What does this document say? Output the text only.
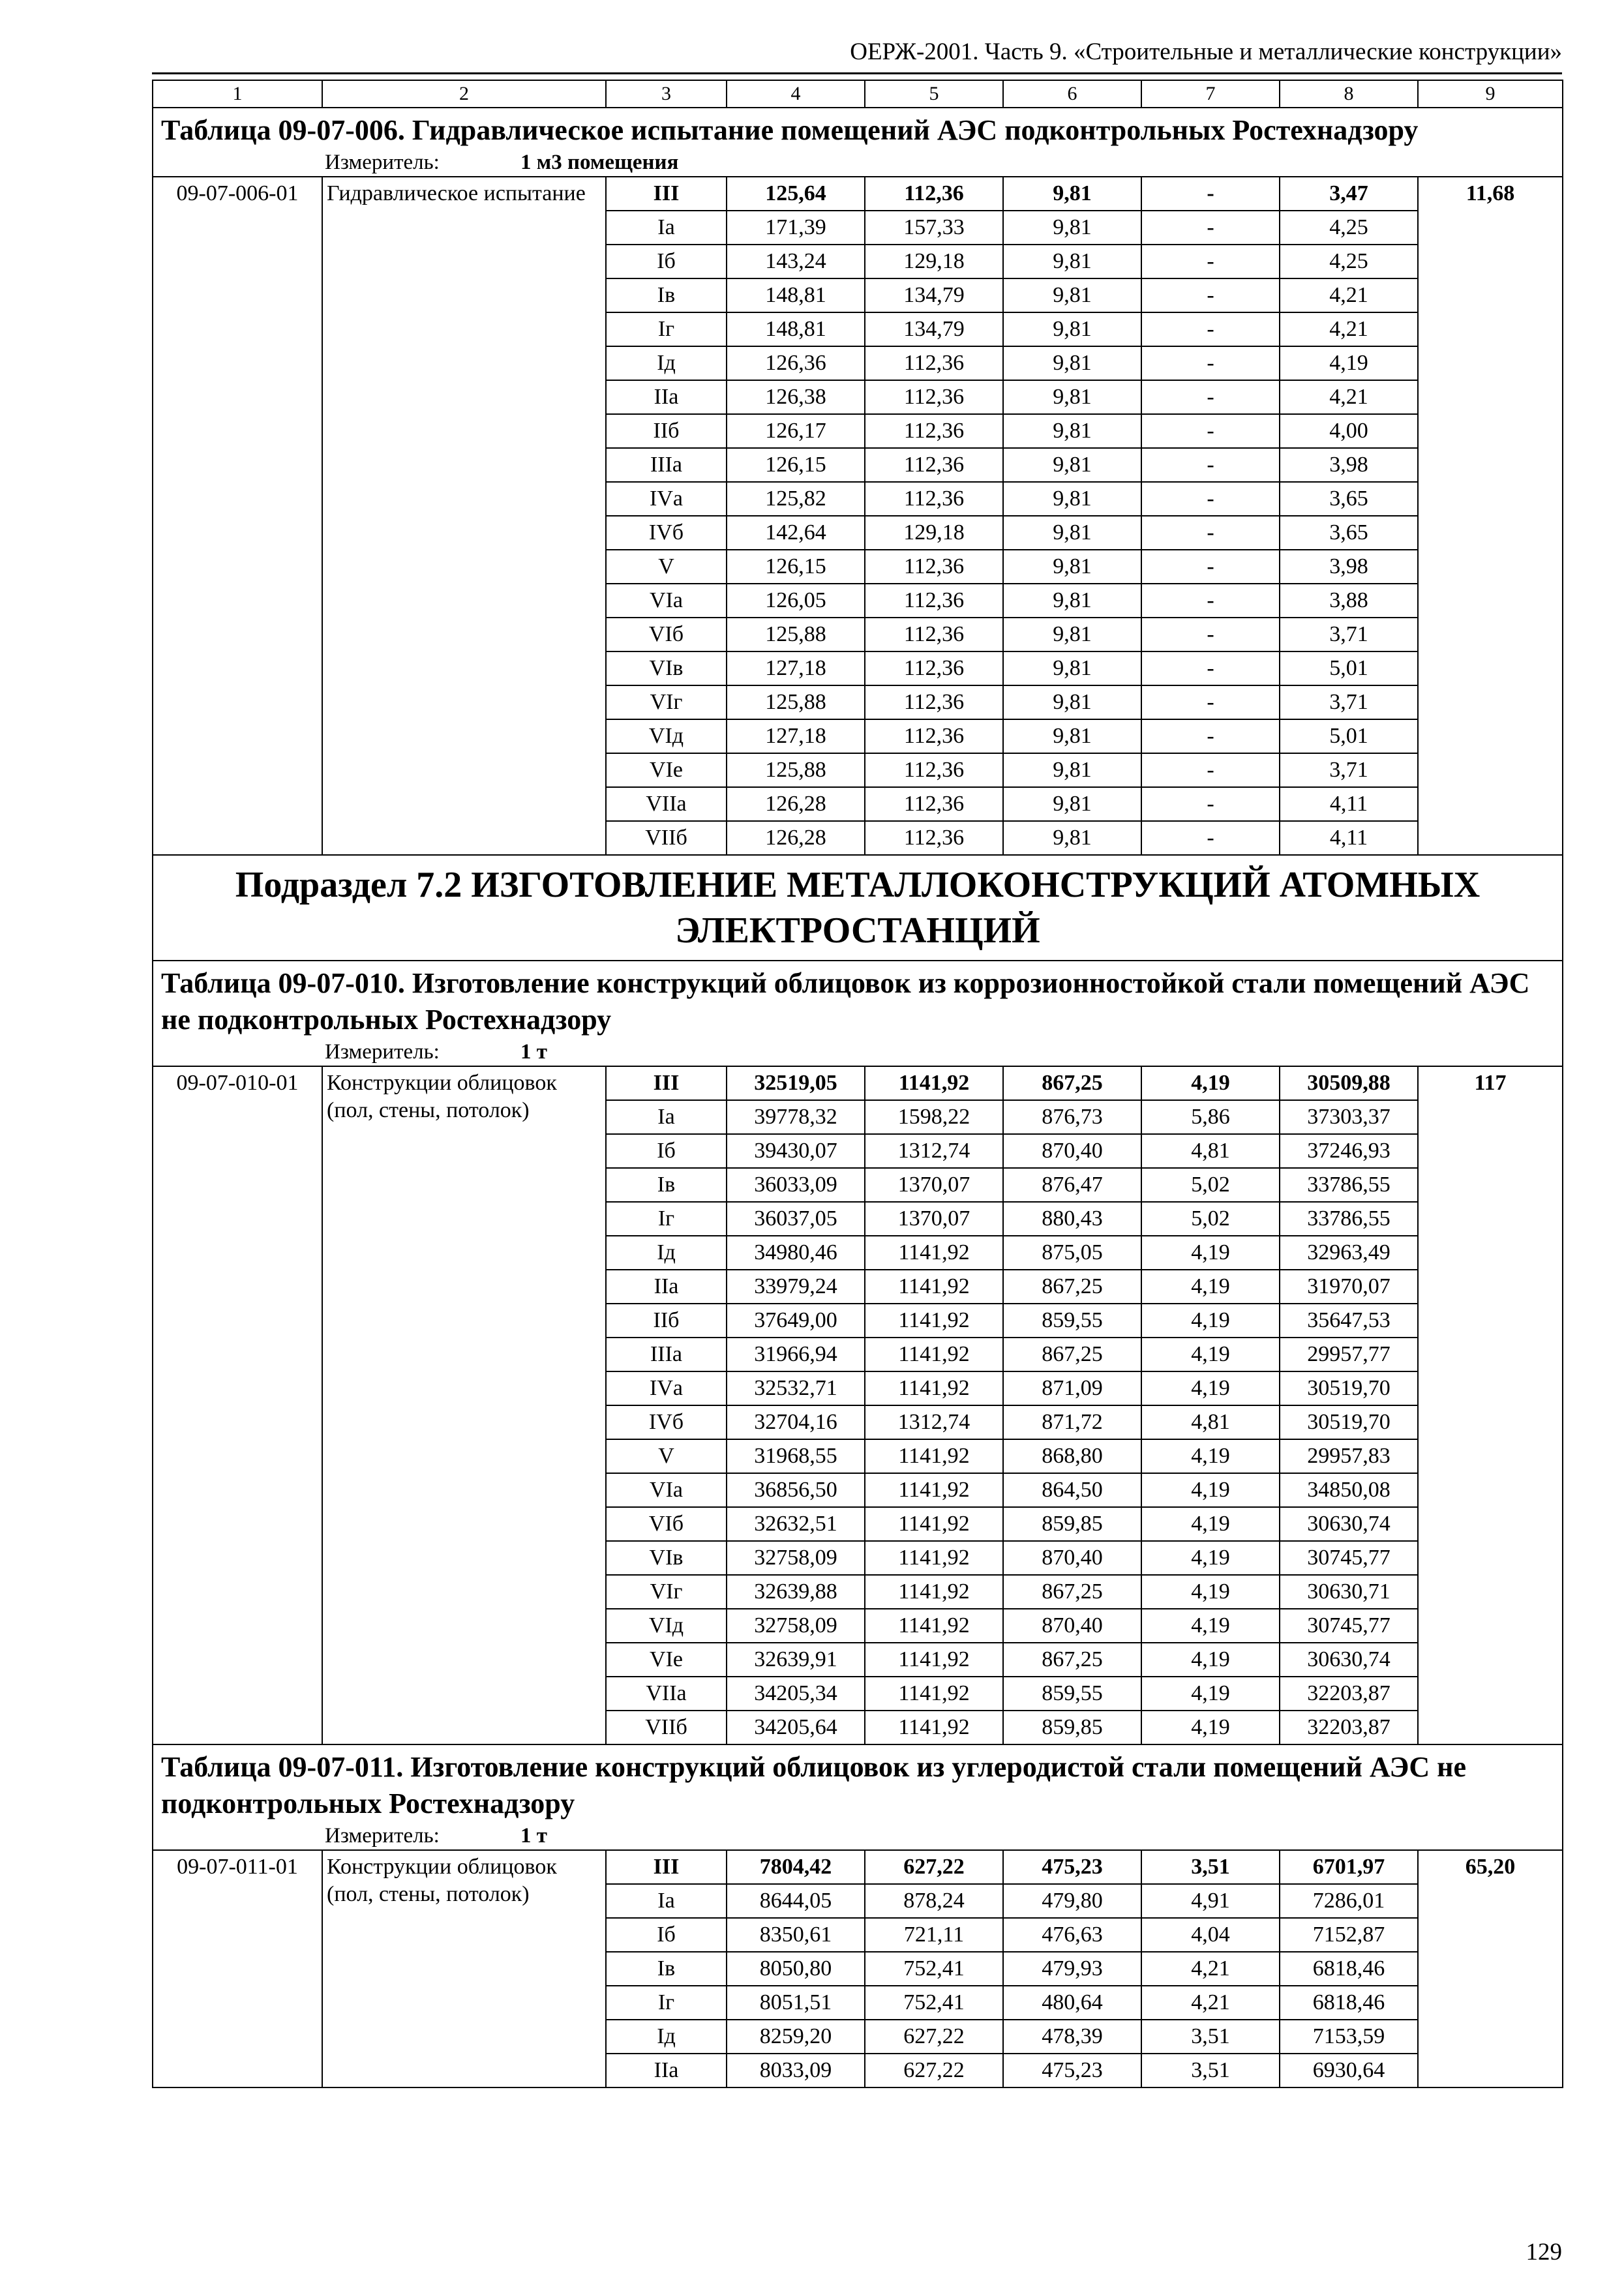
ОЕРЖ-2001. Часть 9. «Строительные и металлические конструкции»
1	2	3	4	5	6	7	8	9
Таблица 09-07-006. Гидравлическое испытание помещений АЭС подконтрольных Ростехнадзору								
Измеритель: 1 м3 помещения								
09-07-006-01	Гидравлическое испытание	III	125,64	112,36	9,81	-	3,47	11,68
		Iа	171,39	157,33	9,81	-	4,25	
		Iб	143,24	129,18	9,81	-	4,25	
		Iв	148,81	134,79	9,81	-	4,21	
		Iг	148,81	134,79	9,81	-	4,21	
		Iд	126,36	112,36	9,81	-	4,19	
		IIа	126,38	112,36	9,81	-	4,21	
		IIб	126,17	112,36	9,81	-	4,00	
		IIIа	126,15	112,36	9,81	-	3,98	
		IVа	125,82	112,36	9,81	-	3,65	
		IVб	142,64	129,18	9,81	-	3,65	
		V	126,15	112,36	9,81	-	3,98	
		VIа	126,05	112,36	9,81	-	3,88	
		VIб	125,88	112,36	9,81	-	3,71	
		VIв	127,18	112,36	9,81	-	5,01	
		VIг	125,88	112,36	9,81	-	3,71	
		VIд	127,18	112,36	9,81	-	5,01	
		VIе	125,88	112,36	9,81	-	3,71	
		VIIа	126,28	112,36	9,81	-	4,11	
		VIIб	126,28	112,36	9,81	-	4,11	
Подраздел 7.2 ИЗГОТОВЛЕНИЕ МЕТАЛЛОКОНСТРУКЦИЙ АТОМНЫХ ЭЛЕКТРОСТАНЦИЙ								
Таблица 09-07-010. Изготовление конструкций облицовок из коррозионностойкой стали помещений АЭС не подконтрольных Ростехнадзору								
Измеритель: 1 т								
09-07-010-01	Конструкции облицовок (пол, стены, потолок)	III	32519,05	1141,92	867,25	4,19	30509,88	117
		Iа	39778,32	1598,22	876,73	5,86	37303,37	
		Iб	39430,07	1312,74	870,40	4,81	37246,93	
		Iв	36033,09	1370,07	876,47	5,02	33786,55	
		Iг	36037,05	1370,07	880,43	5,02	33786,55	
		Iд	34980,46	1141,92	875,05	4,19	32963,49	
		IIа	33979,24	1141,92	867,25	4,19	31970,07	
		IIб	37649,00	1141,92	859,55	4,19	35647,53	
		IIIа	31966,94	1141,92	867,25	4,19	29957,77	
		IVа	32532,71	1141,92	871,09	4,19	30519,70	
		IVб	32704,16	1312,74	871,72	4,81	30519,70	
		V	31968,55	1141,92	868,80	4,19	29957,83	
		VIа	36856,50	1141,92	864,50	4,19	34850,08	
		VIб	32632,51	1141,92	859,85	4,19	30630,74	
		VIв	32758,09	1141,92	870,40	4,19	30745,77	
		VIг	32639,88	1141,92	867,25	4,19	30630,71	
		VIд	32758,09	1141,92	870,40	4,19	30745,77	
		VIе	32639,91	1141,92	867,25	4,19	30630,74	
		VIIа	34205,34	1141,92	859,55	4,19	32203,87	
		VIIб	34205,64	1141,92	859,85	4,19	32203,87	
Таблица 09-07-011. Изготовление конструкций облицовок из углеродистой стали помещений АЭС не подконтрольных Ростехнадзору								
Измеритель: 1 т								
09-07-011-01	Конструкции облицовок (пол, стены, потолок)	III	7804,42	627,22	475,23	3,51	6701,97	65,20
		Iа	8644,05	878,24	479,80	4,91	7286,01	
		Iб	8350,61	721,11	476,63	4,04	7152,87	
		Iв	8050,80	752,41	479,93	4,21	6818,46	
		Iг	8051,51	752,41	480,64	4,21	6818,46	
		Iд	8259,20	627,22	478,39	3,51	7153,59	
		IIа	8033,09	627,22	475,23	3,51	6930,64	
129
